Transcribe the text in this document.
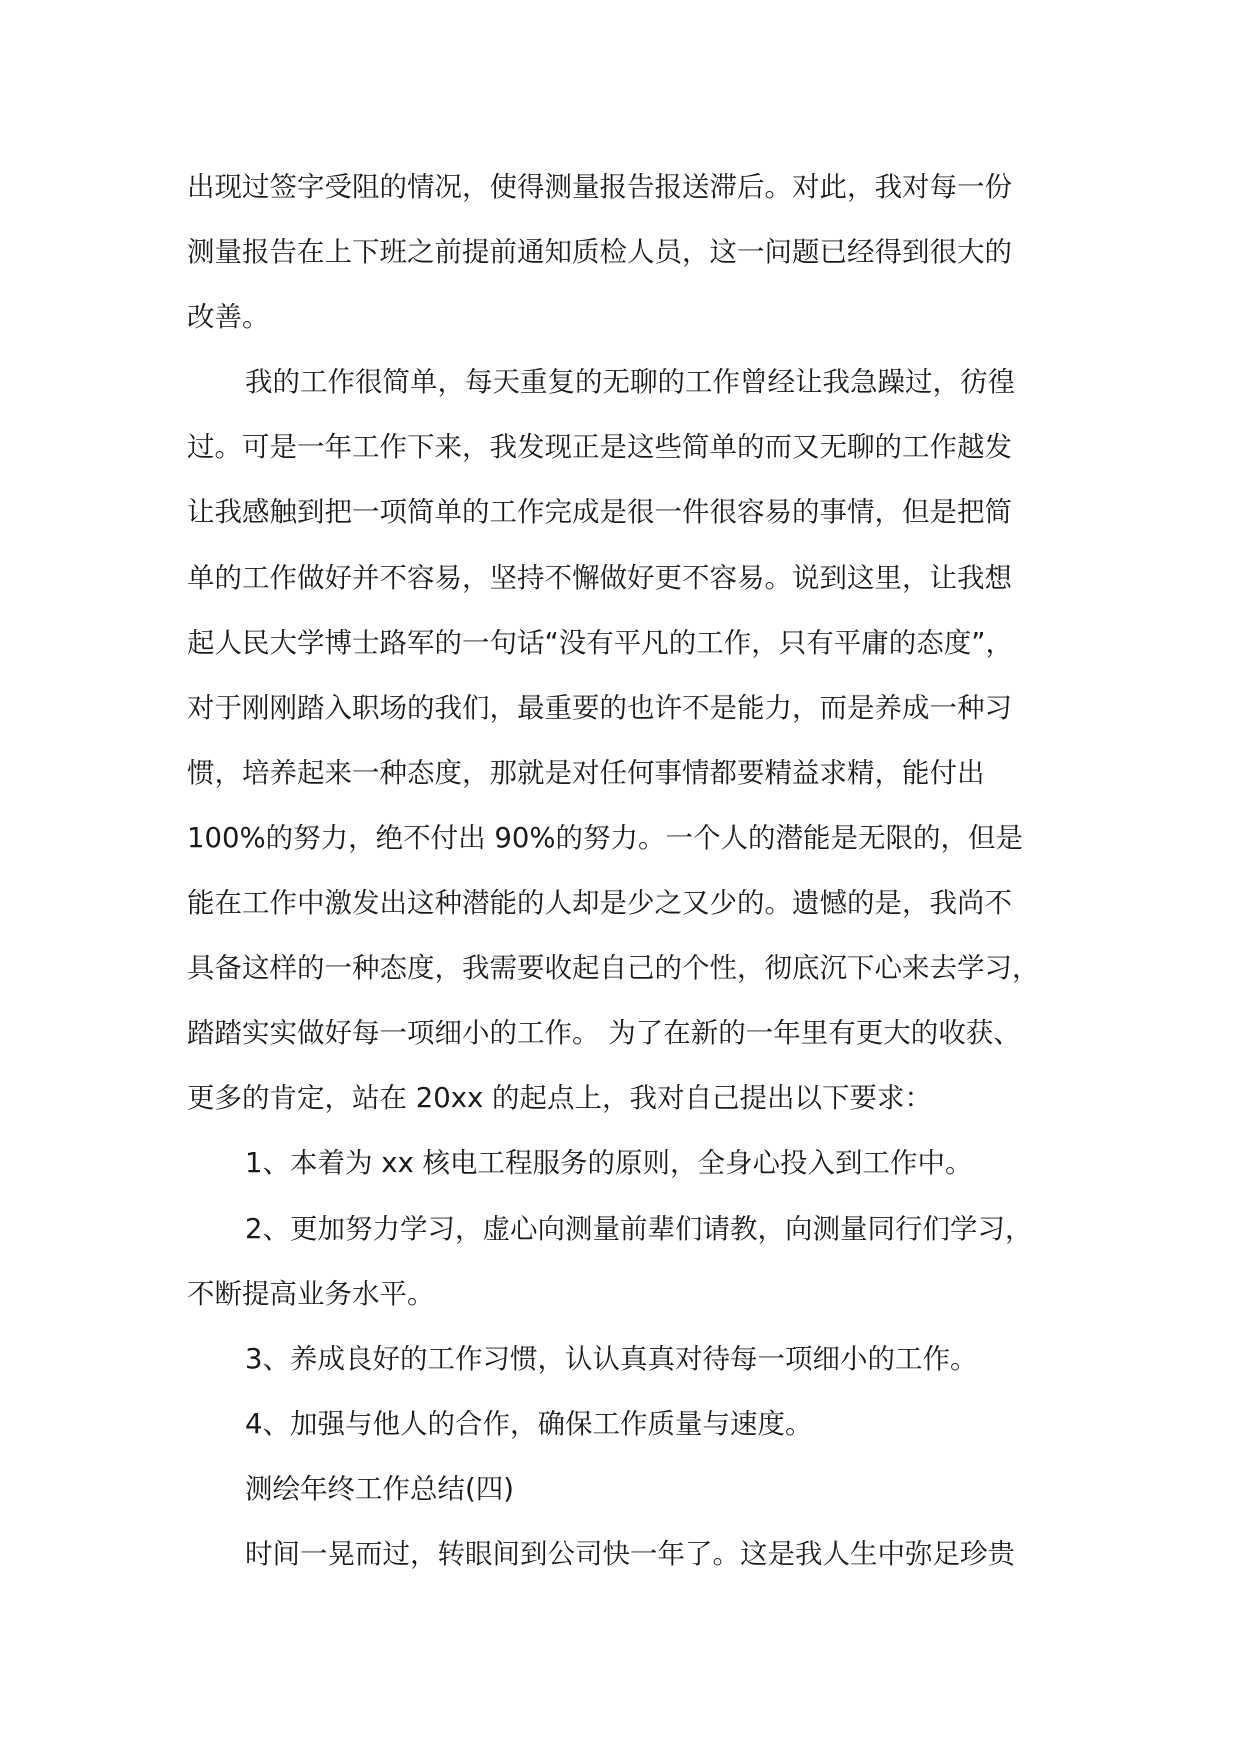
出现过签字受阻的情况，使得测量报告报送滞后。对此，我对每一份
测量报告在上下班之前提前通知质检人员，这一问题已经得到很大的
改善。
我的工作很简单，每天重复的无聊的工作曾经让我急躁过，彷徨
过。可是一年工作下来，我发现正是这些简单的而又无聊的工作越发
让我感触到把一项简单的工作完成是很一件很容易的事情，但是把简
单的工作做好并不容易，坚持不懈做好更不容易。说到这里，让我想
起人民大学博士路军的一句话“没有平凡的工作，只有平庸的态度”，
对于刚刚踏入职场的我们，最重要的也许不是能力，而是养成一种习
惯，培养起来一种态度，那就是对任何事情都要精益求精，能付出
100%的努力，绝不付出 90%的努力。一个人的潜能是无限的，但是
能在工作中激发出这种潜能的人却是少之又少的。遗憾的是，我尚不
具备这样的一种态度，我需要收起自己的个性，彻底沉下心来去学习，
踏踏实实做好每一项细小的工作。 为了在新的一年里有更大的收获、
更多的肯定，站在 20xx 的起点上，我对自己提出以下要求：
1、本着为 xx 核电工程服务的原则，全身心投入到工作中。
2、更加努力学习，虚心向测量前辈们请教，向测量同行们学习，
不断提高业务水平。
3、养成良好的工作习惯，认认真真对待每一项细小的工作。
4、加强与他人的合作，确保工作质量与速度。
测绘年终工作总结(四)
时间一晃而过，转眼间到公司快一年了。这是我人生中弥足珍贵
